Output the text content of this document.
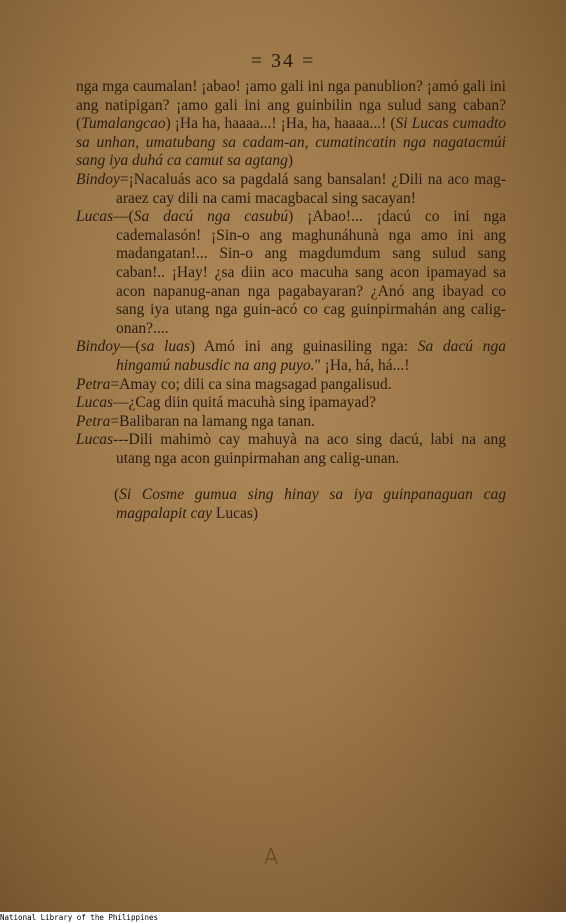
= 34 =

nga mga caumalan! ¡abao! ¡amo gali ini nga panublion? ¡amó gali ini ang natipigan? ¡amo gali ini ang guinbilin nga sulud sang caban? (Tumalangcao) ¡Ha ha, haaaa...! ¡Ha, ha, haaaa...! (Si Lucas cumadto sa unhan, umatubang sa cadam-an, cumatincatin nga nagatacmúi sang iya duhá ca camut sa agtang)

Bindoy=¡Nacaluás aco sa pagdalá sang bansalan! ¿Dili na aco mag-araez cay dili na cami macagbacal sing sacayan!

Lucas—(Sa dacú nga casubú) ¡Abao!... ¡dacú co ini nga cademalasón! ¡Sin-o ang maghunáhunà nga amo ini ang madangatan!... Sin-o ang magdumdum sang sulud sang caban!.. ¡Hay! ¿sa diin aco macuha sang acon ipamayad sa acon napanug-anan nga pagabayaran? ¿Anó ang ibayad co sang iya utang nga guin-acó co cag guinpirmahán ang calig-onan?....

Bindoy—(sa luas) Amó ini ang guinasiling nga: Sa dacú nga hingamú nabusdic na ang puyo." ¡Ha, há, há...!

Petra=Amay co; dili ca sina magsagad pangalisud.

Lucas—¿Cag diin quitá macuhà sing ipamayad?

Petra=Balibaran na lamang nga tanan.

Lucas---Dili mahimò cay mahuyà na aco sing dacú, labi na ang utang nga acon guinpirmahan ang calig-unan.

(Si Cosme gumua sing hinay sa iya guinpanaguan cag magpalapit cay Lucas)

National Library of the Philippines
